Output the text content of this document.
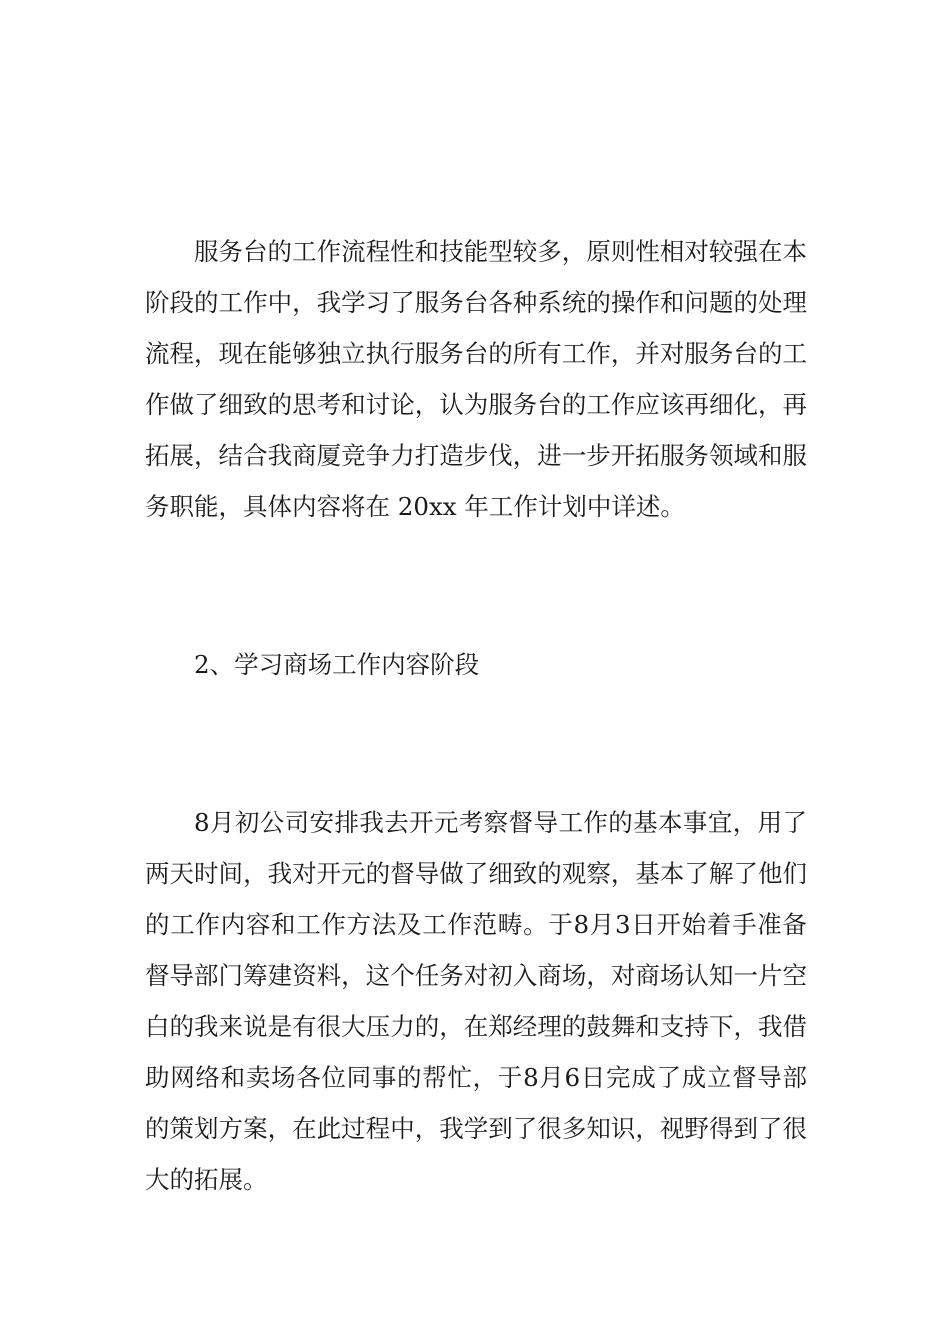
服务台的工作流程性和技能型较多，原则性相对较强在本阶段的工作中，我学习了服务台各种系统的操作和问题的处理流程，现在能够独立执行服务台的所有工作，并对服务台的工作做了细致的思考和讨论，认为服务台的工作应该再细化，再拓展，结合我商厦竞争力打造步伐，进一步开拓服务领域和服务职能，具体内容将在 20xx 年工作计划中详述。

2、学习商场工作内容阶段

8月初公司安排我去开元考察督导工作的基本事宜，用了两天时间，我对开元的督导做了细致的观察，基本了解了他们的工作内容和工作方法及工作范畴。于8月3日开始着手准备督导部门筹建资料，这个任务对初入商场，对商场认知一片空白的我来说是有很大压力的，在郑经理的鼓舞和支持下，我借助网络和卖场各位同事的帮忙，于8月6日完成了成立督导部的策划方案，在此过程中，我学到了很多知识，视野得到了很大的拓展。
